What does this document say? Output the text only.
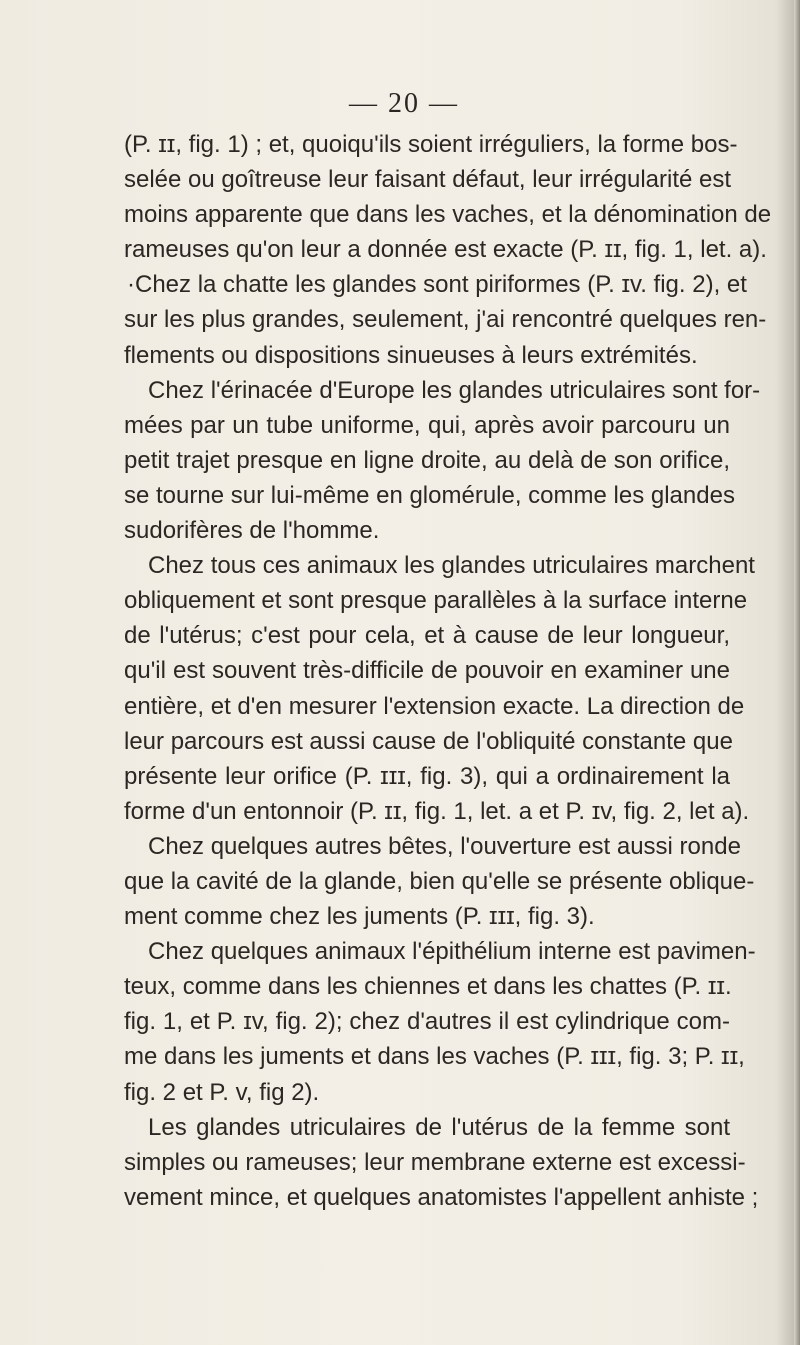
— 20 —
(P. ɪɪ, fig. 1) ; et, quoiqu'ils soient irréguliers, la forme bos-
selée ou goîtreuse leur faisant défaut, leur irrégularité est
moins apparente que dans les vaches, et la dénomination de
rameuses qu'on leur a donnée est exacte (P. ɪɪ, fig. 1, let. a).
·Chez la chatte les glandes sont piriformes (P. ɪv. fig. 2), et
sur les plus grandes, seulement, j'ai rencontré quelques ren-
flements ou dispositions sinueuses à leurs extrémités.
Chez l'érinacée d'Europe les glandes utriculaires sont for-
mées par un tube uniforme, qui, après avoir parcouru un
petit trajet presque en ligne droite, au delà de son orifice,
se tourne sur lui-même en glomérule, comme les glandes
sudorifères de l'homme.
Chez tous ces animaux les glandes utriculaires marchent
obliquement et sont presque parallèles à la surface interne
de l'utérus; c'est pour cela, et à cause de leur longueur,
qu'il est souvent très-difficile de pouvoir en examiner une
entière, et d'en mesurer l'extension exacte. La direction de
leur parcours est aussi cause de l'obliquité constante que
présente leur orifice (P. ɪɪɪ, fig. 3), qui a ordinairement la
forme d'un entonnoir (P. ɪɪ, fig. 1, let. a et P. ɪv, fig. 2, let a).
Chez quelques autres bêtes, l'ouverture est aussi ronde
que la cavité de la glande, bien qu'elle se présente oblique-
ment comme chez les juments (P. ɪɪɪ, fig. 3).
Chez quelques animaux l'épithélium interne est pavimen-
teux, comme dans les chiennes et dans les chattes (P. ɪɪ.
fig. 1, et P. ɪv, fig. 2); chez d'autres il est cylindrique com-
me dans les juments et dans les vaches (P. ɪɪɪ, fig. 3; P. ɪɪ,
fig. 2 et P. v, fig 2).
Les glandes utriculaires de l'utérus de la femme sont
simples ou rameuses; leur membrane externe est excessi-
vement mince, et quelques anatomistes l'appellent anhiste ;
